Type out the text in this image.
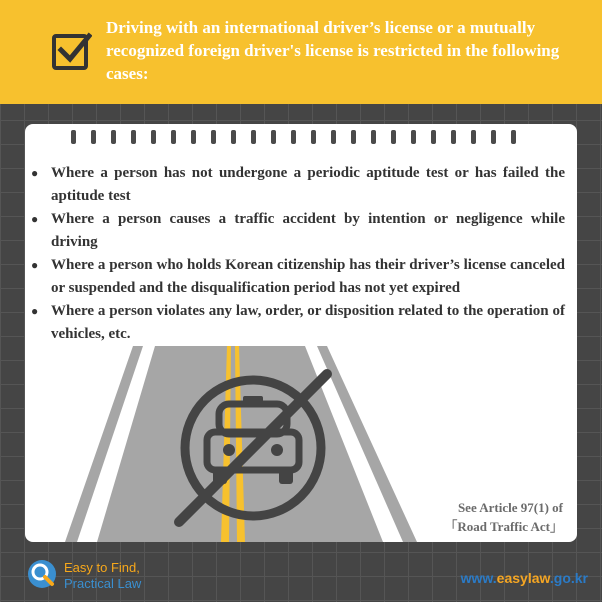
Driving with an international driver’s license or a mutually recognized foreign driver's license is restricted in the following cases:
● Where a person has not undergone a periodic aptitude test or has failed the aptitude test
● Where a person causes a traffic accident by intention or negligence while driving
● Where a person who holds Korean citizenship has their driver’s license canceled or suspended and the disqualification period has not yet expired
● Where a person violates any law, order, or disposition related to the operation of vehicles, etc.
See Article 97(1) of
「Road Traffic Act」
Easy to Find,
Practical Law	www.easylaw.go.kr
